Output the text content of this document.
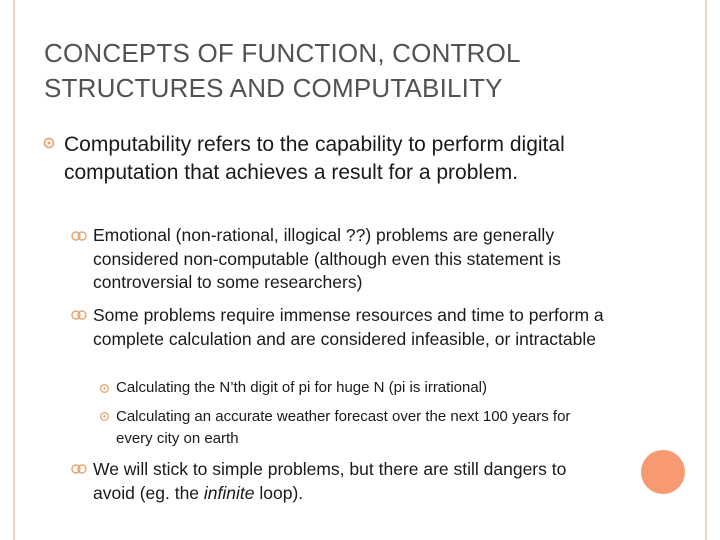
CONCEPTS OF FUNCTION, CONTROL STRUCTURES AND COMPUTABILITY
Computability refers to the capability to perform digital computation that achieves a result for a problem.
Emotional (non-rational, illogical ??) problems are generally considered non-computable (although even this statement is controversial to some researchers)
Some problems require immense resources and time to perform a complete calculation and are considered infeasible, or intractable
Calculating the N’th digit of pi for huge N (pi is irrational)
Calculating an accurate weather forecast over the next 100 years for every city on earth
We will stick to simple problems, but there are still dangers to avoid (eg. the infinite loop).
